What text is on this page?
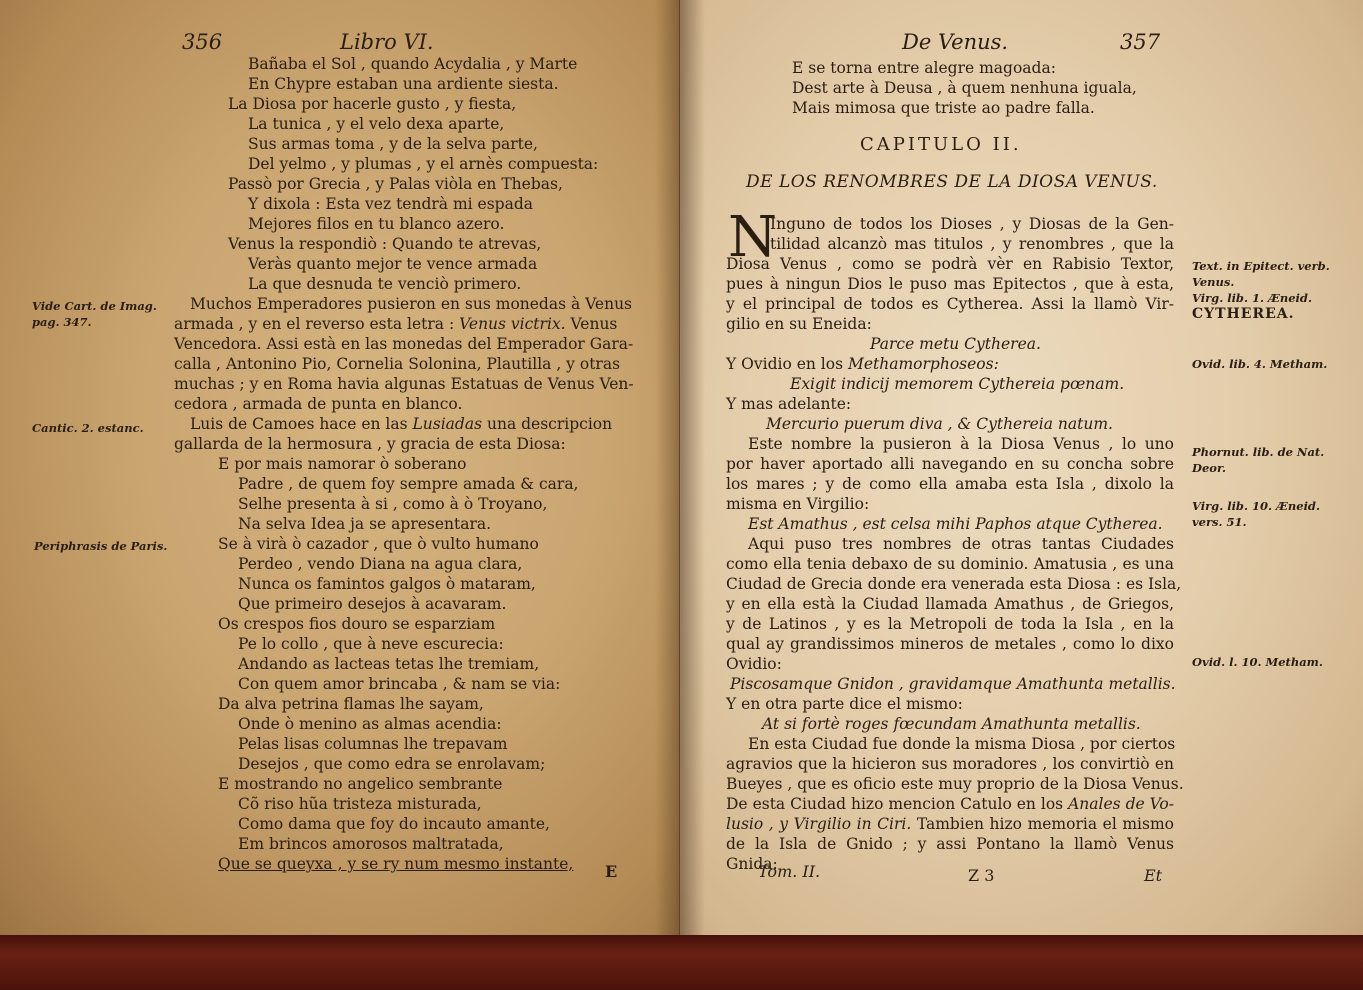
356	Libro VI.
Bañaba el Sol , quando Acydalia , y Marte
En Chypre estaban una ardiente siesta.
La Diosa por hacerle gusto , y fiesta,
La tunica , y el velo dexa aparte,
Sus armas toma , y de la selva parte,
Del yelmo , y plumas , y el arnès compuesta:
Passò por Grecia , y Palas viòla en Thebas,
Y dixola : Esta vez tendrà mi espada
Mejores filos en tu blanco azero.
Venus la respondiò : Quando te atrevas,
Veràs quanto mejor te vence armada
La que desnuda te venciò primero.
Muchos Emperadores pusieron en sus monedas à Venus
armada , y en el reverso esta letra : Venus victrix. Venus
Vencedora. Assi està en las monedas del Emperador Gara-
calla , Antonino Pio, Cornelia Solonina, Plautilla , y otras
muchas ; y en Roma havia algunas Estatuas de Venus Ven-
cedora , armada de punta en blanco.
Luis de Camoes hace en las Lusiadas una descripcion
gallarda de la hermosura , y gracia de esta Diosa:
E por mais namorar ò soberano
Padre , de quem foy sempre amada & cara,
Selhe presenta à si , como à ò Troyano,
Na selva Idea ja se apresentara.
Se à virà ò cazador , que ò vulto humano
Perdeo , vendo Diana na agua clara,
Nunca os famintos galgos ò mataram,
Que primeiro desejos à acavaram.
Os crespos fios douro se esparziam
Pe lo collo , que à neve escurecia:
Andando as lacteas tetas lhe tremiam,
Con quem amor brincaba , & nam se via:
Da alva petrina flamas lhe sayam,
Onde ò menino as almas acendia:
Pelas lisas columnas lhe trepavam
Desejos , que como edra se enrolavam;
E mostrando no angelico sembrante
Cõ riso hũa tristeza misturada,
Como dama que foy do incauto amante,
Em brincos amorosos maltratada,
Que se queyxa , y se ry num mesmo instante, E
Vide Cart. de Imag.
pag. 347.
Cantic. 2. estanc.
Periphrasis de Paris.
De Venus.	357
E se torna entre alegre magoada:
Dest arte à Deusa , à quem nenhuna iguala,
Mais mimosa que triste ao padre falla.
CAPITULO II.
DE LOS RENOMBRES DE LA DIOSA VENUS.
N
Inguno de todos los Dioses , y Diosas de la Gen-
tilidad alcanzò mas titulos , y renombres , que la
Diosa Venus , como se podrà vèr en Rabisio Textor,
pues à ningun Dios le puso mas Epitectos , que à esta,
y el principal de todos es Cytherea. Assi la llamò Vir-
gilio en su Eneida:
Parce metu Cytherea.
Y Ovidio en los Methamorphoseos:
Exigit indicij memorem Cythereia pœnam.
Y mas adelante:
Mercurio puerum diva , & Cythereia natum.
Este nombre la pusieron à la Diosa Venus , lo uno
por haver aportado alli navegando en su concha sobre
los mares ; y de como ella amaba esta Isla , dixolo la
misma en Virgilio:
Est Amathus , est celsa mihi Paphos atque Cytherea.
Aqui puso tres nombres de otras tantas Ciudades
como ella tenia debaxo de su dominio. Amatusia , es una
Ciudad de Grecia donde era venerada esta Diosa : es Isla,
y en ella està la Ciudad llamada Amathus , de Griegos,
y de Latinos , y es la Metropoli de toda la Isla , en la
qual ay grandissimos mineros de metales , como lo dixo
Ovidio:
Piscosamque Gnidon , gravidamque Amathunta metallis.
Y en otra parte dice el mismo:
At si fortè roges fœcundam Amathunta metallis.
En esta Ciudad fue donde la misma Diosa , por ciertos
agravios que la hicieron sus moradores , los convirtiò en
Bueyes , que es oficio este muy proprio de la Diosa Venus.
De esta Ciudad hizo mencion Catulo en los Anales de Vo-
lusio , y Virgilio in Ciri. Tambien hizo memoria el mismo
de la Isla de Gnido ; y assi Pontano la llamò Venus
Gnida:
Tom. II.	Z 3	Et
Text. in Epitect. verb.
Venus.
Virg. lib. 1. Æneid.
CYTHEREA.
Ovid. lib. 4. Metham.
Phornut. lib. de Nat.
Deor.
Virg. lib. 10. Æneid.
vers. 51.
Ovid. l. 10. Metham.
